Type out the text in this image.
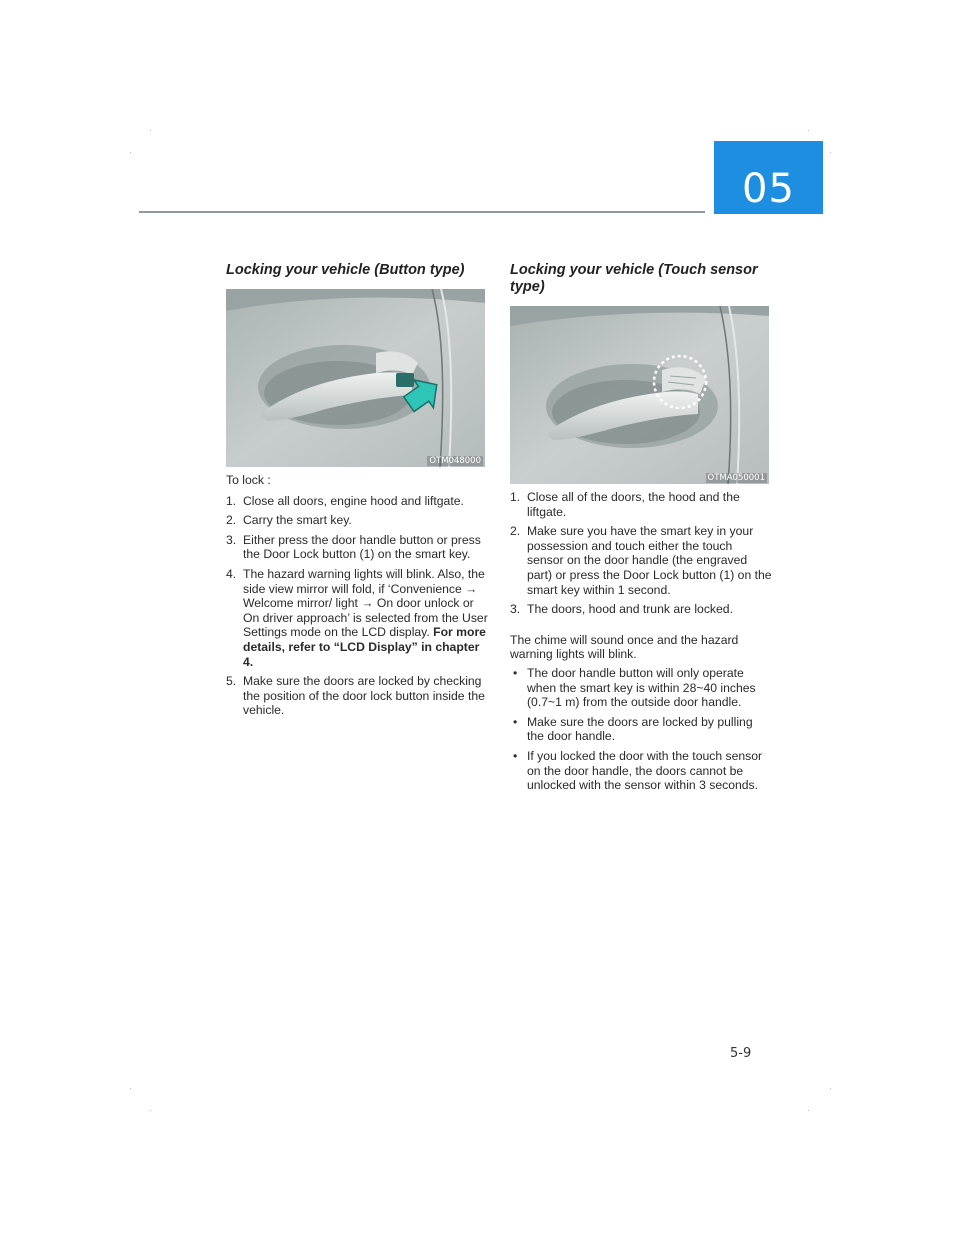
05
Locking your vehicle (Button type)
OTM048000

To lock :

1. Close all doors, engine hood and liftgate.
2. Carry the smart key.
3. Either press the door handle button or press the Door Lock button (1) on the smart key.
4. The hazard warning lights will blink. Also, the side view mirror will fold, if ‘Convenience → Welcome mirror/ light → On door unlock or On driver approach’ is selected from the User Settings mode on the LCD display. For more details, refer to “LCD Display” in chapter 4.
5. Make sure the doors are locked by checking the position of the door lock button inside the vehicle.
Locking your vehicle (Touch sensor type)
OTMA050001
1. Close all of the doors, the hood and the liftgate.
2. Make sure you have the smart key in your possession and touch either the touch sensor on the door handle (the engraved part) or press the Door Lock button (1) on the smart key within 1 second.
3. The doors, hood and trunk are locked.

The chime will sound once and the hazard warning lights will blink.

• The door handle button will only operate when the smart key is within 28~40 inches (0.7~1 m) from the outside door handle.
• Make sure the doors are locked by pulling the door handle.
• If you locked the door with the touch sensor on the door handle, the doors cannot be unlocked with the sensor within 3 seconds.
5-9
